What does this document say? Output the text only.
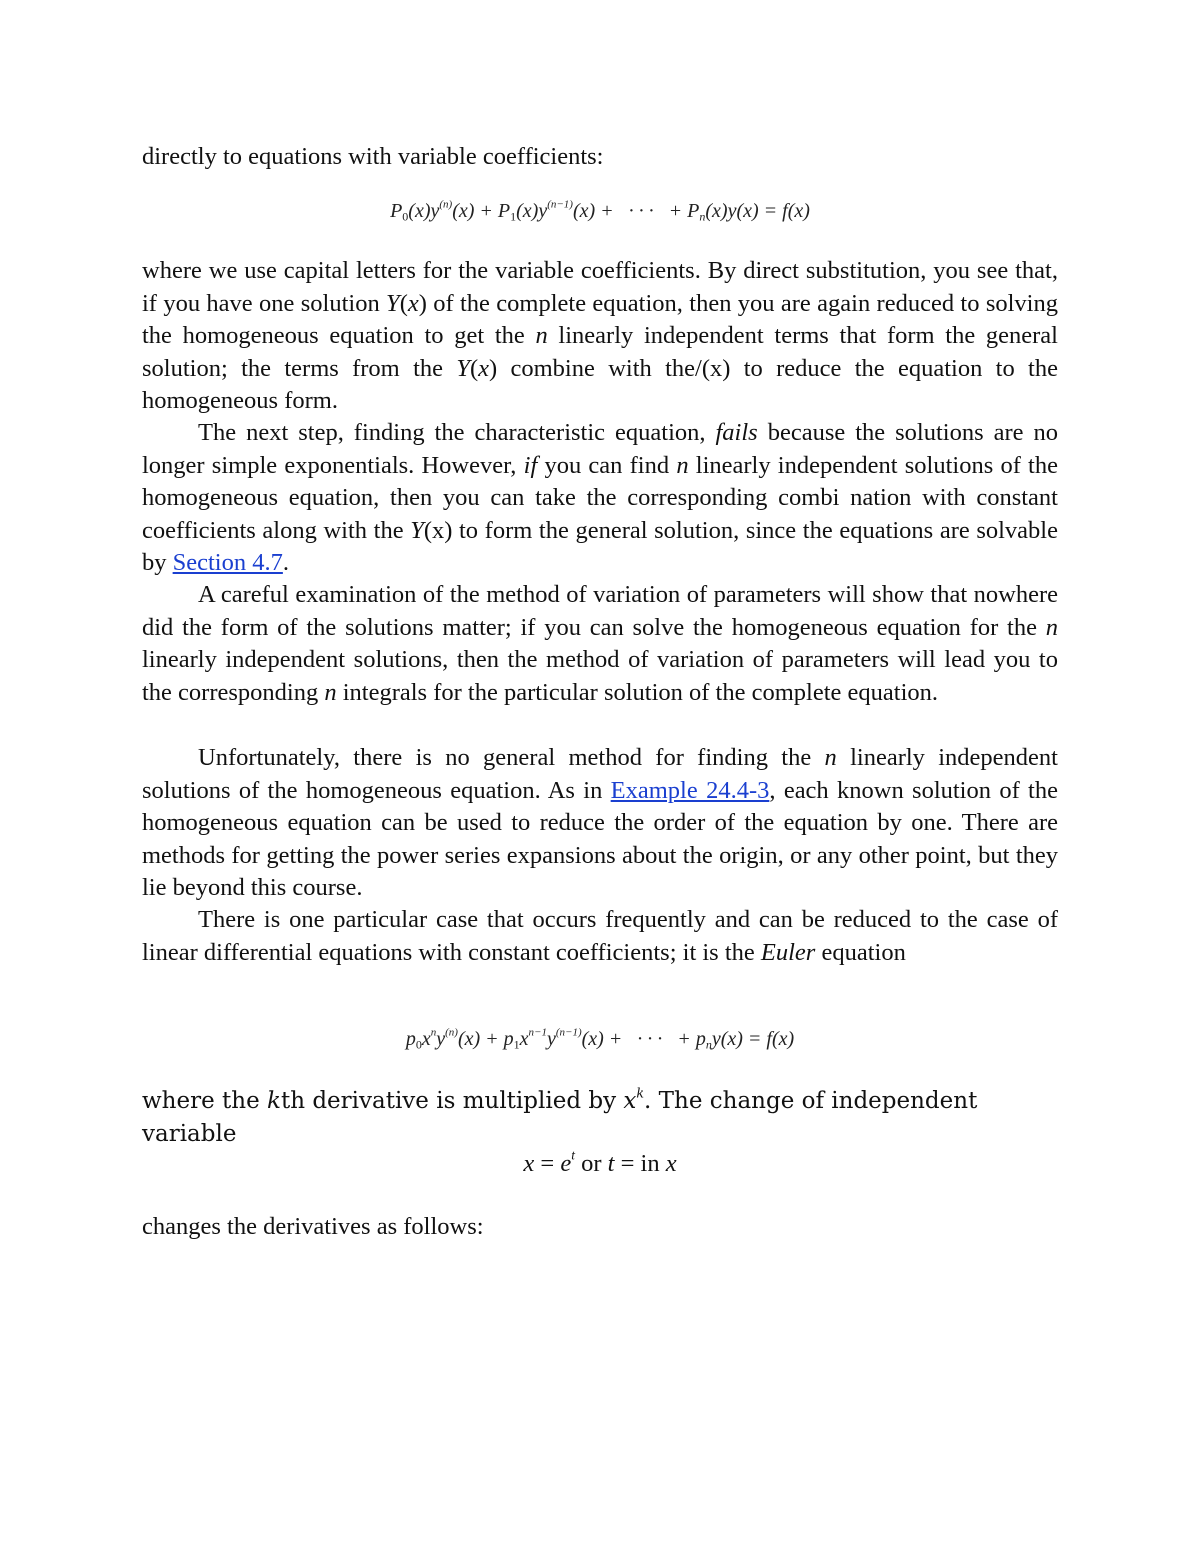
directly to equations with variable coefficients:

$P_0(x)y^{(n)}(x) + P_1(x)y^{(n-1)}(x)$ +   · · ·   + $P_n(x)y(x) = f(x)$

where we use capital letters for the variable coefficients. By direct substitution, you see that, if you have one solution Y(x) of the complete equation, then you are again reduced to solving the homogeneous equation to get the n linearly independent terms that form the general solution; the terms from the Y(x) combine with the/(x) to reduce the equation to the homogeneous form.

The next step, finding the characteristic equation, fails because the solutions are no longer simple exponentials. However, if you can find n linearly independent solutions of the homogeneous equation, then you can take the corresponding combi nation with constant coefficients along with the Y(x) to form the general solution, since the equations are solvable by Section 4.7.

A careful examination of the method of variation of parameters will show that nowhere did the form of the solutions matter; if you can solve the homogeneous equation for the n linearly independent solutions, then the method of variation of parameters will lead you to the corresponding n integrals for the particular solution of the complete equation.

Unfortunately, there is no general method for finding the n linearly independent solutions of the homogeneous equation. As in Example 24.4-3, each known solution of the homogeneous equation can be used to reduce the order of the equation by one. There are methods for getting the power series expansions about the origin, or any other point, but they lie beyond this course.

There is one particular case that occurs frequently and can be reduced to the case of linear differential equations with constant coefficients; it is the Euler equation

$p_0x^ny^{(n)}(x) + p_1x^{n-1}y^{(n-1)}(x)$ +   · · ·   + $p_ny(x) = f(x)$

where the kth derivative is multiplied by $x^k$. The change of independent variable

$x = e^t$ or t = in x

changes the derivatives as follows:
